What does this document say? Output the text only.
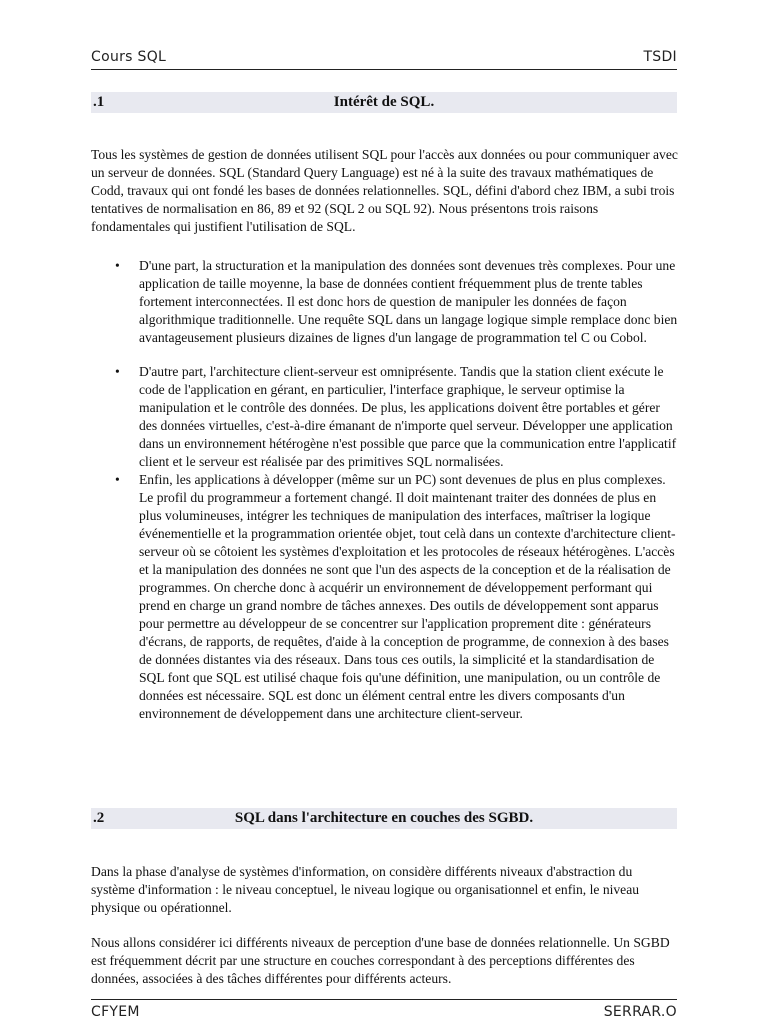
Cours SQL	TSDI
.1	Intérêt de SQL.

Tous les systèmes de gestion de données utilisent SQL pour l'accès aux données ou pour communiquer avec un serveur de données. SQL (Standard Query Language) est né à la suite des travaux mathématiques de Codd, travaux qui ont fondé les bases de données relationnelles. SQL, défini d'abord chez IBM, a subi trois tentatives de normalisation en 86, 89 et 92 (SQL 2 ou SQL 92). Nous présentons trois raisons fondamentales qui justifient l'utilisation de SQL.

• D'une part, la structuration et la manipulation des données sont devenues très complexes. Pour une application de taille moyenne, la base de données contient fréquemment plus de trente tables fortement interconnectées. Il est donc hors de question de manipuler les données de façon algorithmique traditionnelle. Une requête SQL dans un langage logique simple remplace donc bien avantageusement plusieurs dizaines de lignes d'un langage de programmation tel C ou Cobol.
• D'autre part, l'architecture client-serveur est omniprésente. Tandis que la station client exécute le code de l'application en gérant, en particulier, l'interface graphique, le serveur optimise la manipulation et le contrôle des données. De plus, les applications doivent être portables et gérer des données virtuelles, c'est-à-dire émanant de n'importe quel serveur. Développer une application dans un environnement hétérogène n'est possible que parce que la communication entre l'applicatif client et le serveur est réalisée par des primitives SQL normalisées.
• Enfin, les applications à développer (même sur un PC) sont devenues de plus en plus complexes. Le profil du programmeur a fortement changé. Il doit maintenant traiter des données de plus en plus volumineuses, intégrer les techniques de manipulation des interfaces, maîtriser la logique événementielle et la programmation orientée objet, tout celà dans un contexte d'architecture client-serveur où se côtoient les systèmes d'exploitation et les protocoles de réseaux hétérogènes. L'accès et la manipulation des données ne sont que l'un des aspects de la conception et de la réalisation de programmes. On cherche donc à acquérir un environnement de développement performant qui prend en charge un grand nombre de tâches annexes. Des outils de développement sont apparus pour permettre au développeur de se concentrer sur l'application proprement dite : générateurs d'écrans, de rapports, de requêtes, d'aide à la conception de programme, de connexion à des bases de données distantes via des réseaux. Dans tous ces outils, la simplicité et la standardisation de SQL font que SQL est utilisé chaque fois qu'une définition, une manipulation, ou un contrôle de données est nécessaire. SQL est donc un élément central entre les divers composants d'un environnement de développement dans une architecture client-serveur.
.2	SQL dans l'architecture en couches des SGBD.

Dans la phase d'analyse de systèmes d'information, on considère différents niveaux d'abstraction du système d'information : le niveau conceptuel, le niveau logique ou organisationnel et enfin, le niveau physique ou opérationnel.

Nous allons considérer ici différents niveaux de perception d'une base de données relationnelle. Un SGBD est fréquemment décrit par une structure en couches correspondant à des perceptions différentes des données, associées à des tâches différentes pour différents acteurs.

CFYEM	SERRAR.O
